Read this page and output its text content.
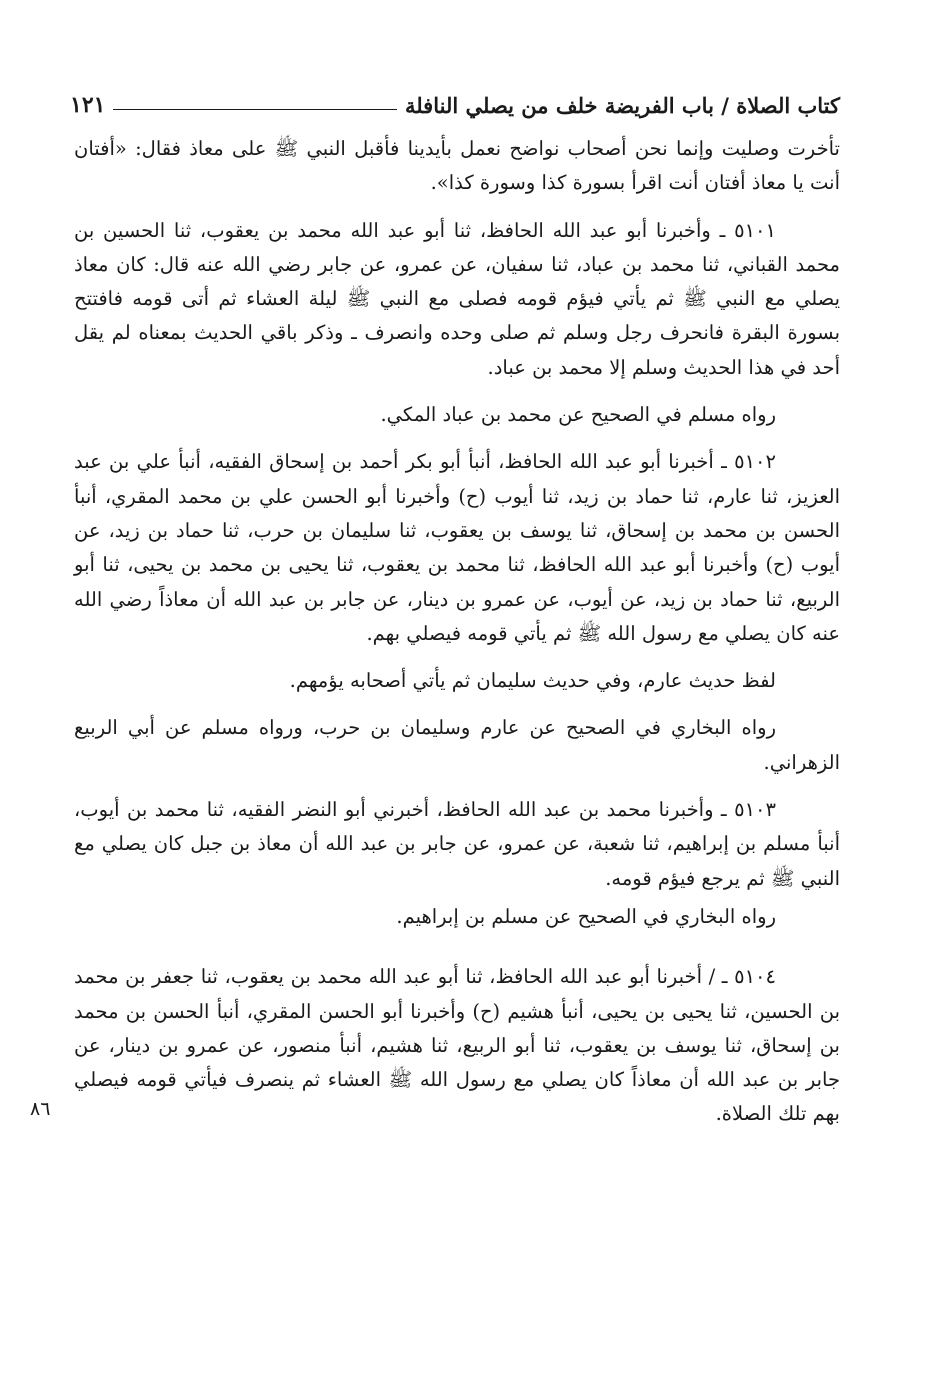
كتاب الصلاة / باب الفريضة خلف من يصلي النافلة
١٢١

تأخرت وصليت وإنما نحن أصحاب نواضح نعمل بأيدينا فأقبل النبي ﷺ على معاذ فقال: «أفتان أنت يا معاذ أفتان أنت اقرأ بسورة كذا وسورة كذا».

٥١٠١ ـ وأخبرنا أبو عبد الله الحافظ، ثنا أبو عبد الله محمد بن يعقوب، ثنا الحسين بن محمد القباني، ثنا محمد بن عباد، ثنا سفيان، عن عمرو، عن جابر رضي الله عنه قال: كان معاذ يصلي مع النبي ﷺ ثم يأتي فيؤم قومه فصلى مع النبي ﷺ ليلة العشاء ثم أتى قومه فافتتح بسورة البقرة فانحرف رجل وسلم ثم صلى وحده وانصرف ـ وذكر باقي الحديث بمعناه لم يقل أحد في هذا الحديث وسلم إلا محمد بن عباد.

رواه مسلم في الصحيح عن محمد بن عباد المكي.

٥١٠٢ ـ أخبرنا أبو عبد الله الحافظ، أنبأ أبو بكر أحمد بن إسحاق الفقيه، أنبأ علي بن عبد العزيز، ثنا عارم، ثنا حماد بن زيد، ثنا أيوب (ح) وأخبرنا أبو الحسن علي بن محمد المقري، أنبأ الحسن بن محمد بن إسحاق، ثنا يوسف بن يعقوب، ثنا سليمان بن حرب، ثنا حماد بن زيد، عن أيوب (ح) وأخبرنا أبو عبد الله الحافظ، ثنا محمد بن يعقوب، ثنا يحيى بن محمد بن يحيى، ثنا أبو الربيع، ثنا حماد بن زيد، عن أيوب، عن عمرو بن دينار، عن جابر بن عبد الله أن معاذاً رضي الله عنه كان يصلي مع رسول الله ﷺ ثم يأتي قومه فيصلي بهم.

لفظ حديث عارم، وفي حديث سليمان ثم يأتي أصحابه يؤمهم.

رواه البخاري في الصحيح عن عارم وسليمان بن حرب، ورواه مسلم عن أبي الربيع الزهراني.

٥١٠٣ ـ وأخبرنا محمد بن عبد الله الحافظ، أخبرني أبو النضر الفقيه، ثنا محمد بن أيوب، أنبأ مسلم بن إبراهيم، ثنا شعبة، عن عمرو، عن جابر بن عبد الله أن معاذ بن جبل كان يصلي مع النبي ﷺ ثم يرجع فيؤم قومه.

رواه البخاري في الصحيح عن مسلم بن إبراهيم.

٥١٠٤ ـ / أخبرنا أبو عبد الله الحافظ، ثنا أبو عبد الله محمد بن يعقوب، ثنا جعفر بن محمد بن الحسين، ثنا يحيى بن يحيى، أنبأ هشيم (ح) وأخبرنا أبو الحسن المقري، أنبأ الحسن بن محمد بن إسحاق، ثنا يوسف بن يعقوب، ثنا أبو الربيع، ثنا هشيم، أنبأ منصور، عن عمرو بن دينار، عن جابر بن عبد الله أن معاذاً كان يصلي مع رسول الله ﷺ العشاء ثم ينصرف فيأتي قومه فيصلي بهم تلك الصلاة.

٨٦
